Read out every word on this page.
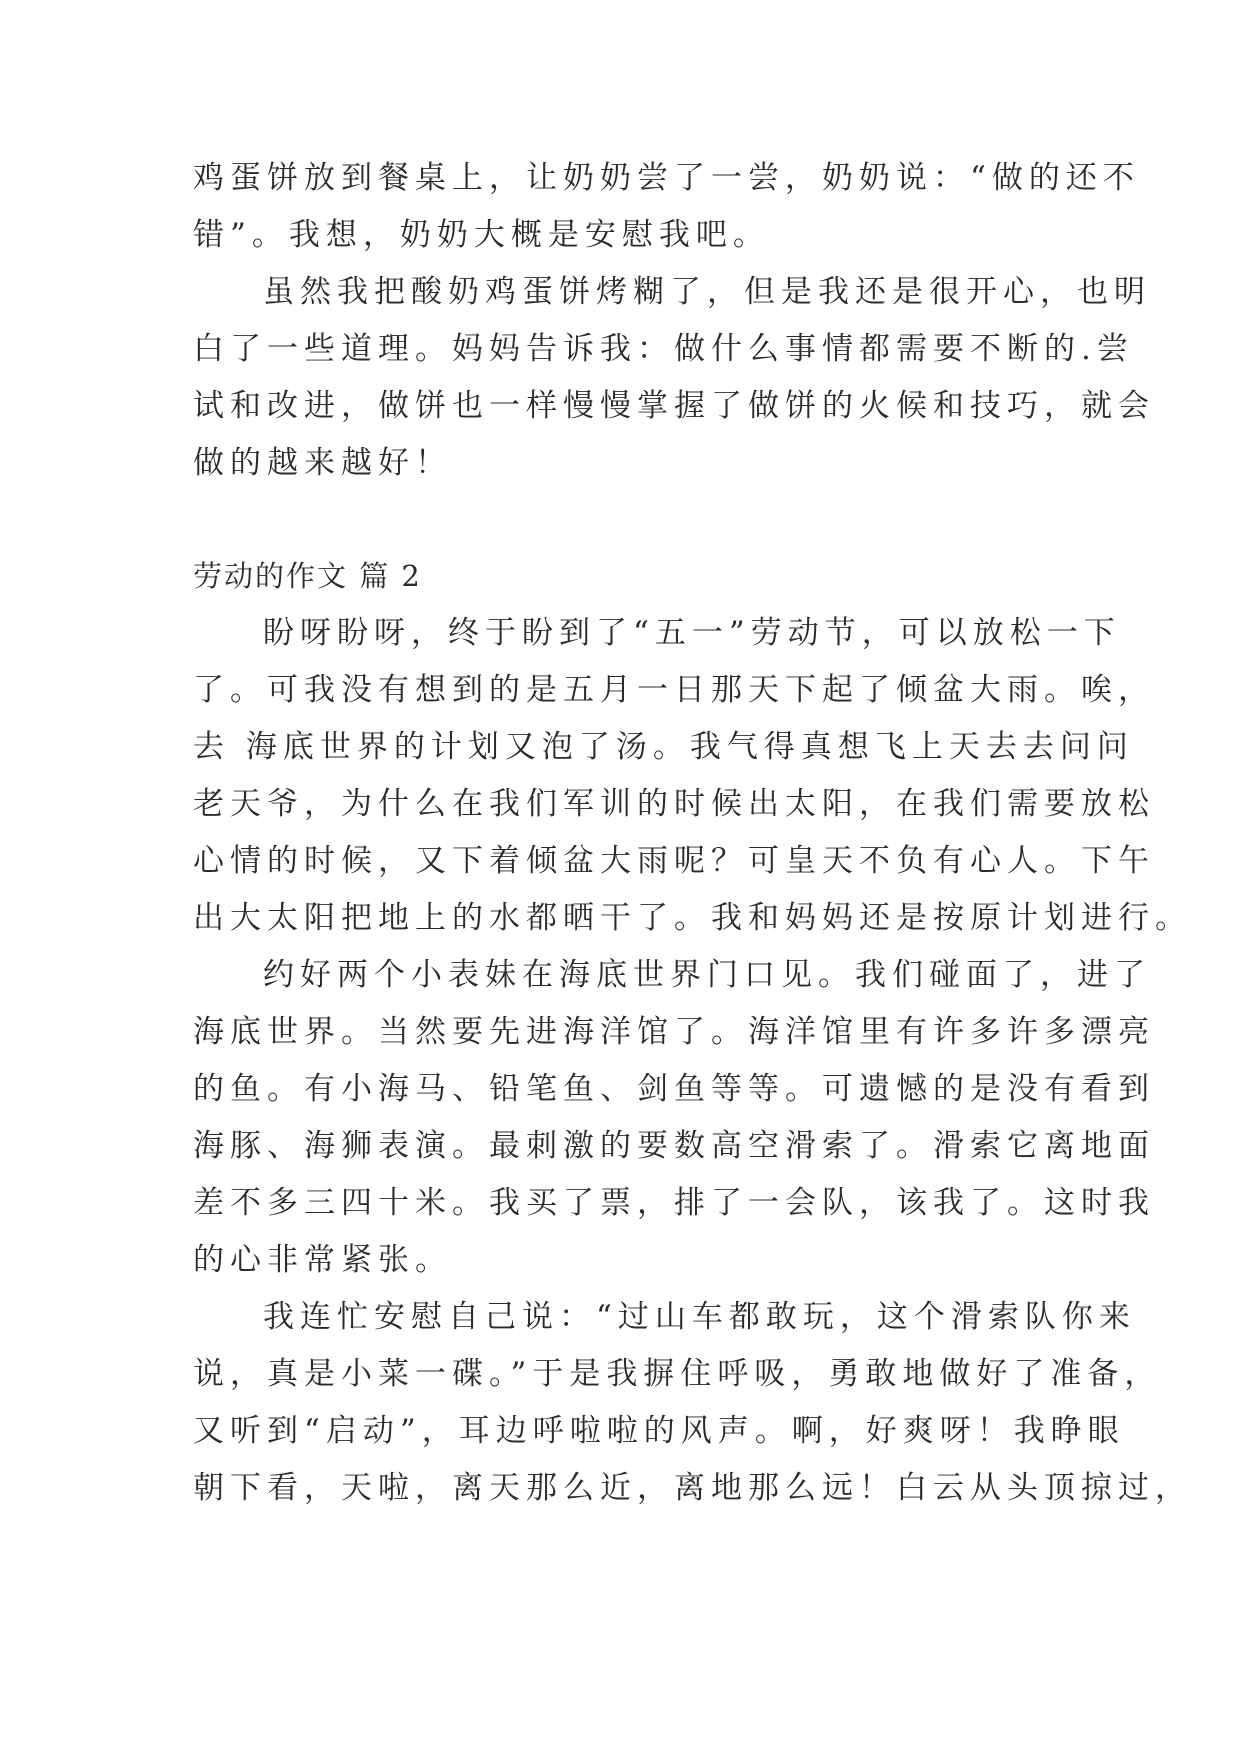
鸡蛋饼放到餐桌上，让奶奶尝了一尝，奶奶说：“做的还不

错”。我想，奶奶大概是安慰我吧。

虽然我把酸奶鸡蛋饼烤糊了，但是我还是很开心，也明

白了一些道理。妈妈告诉我：做什么事情都需要不断的.尝

试和改进，做饼也一样慢慢掌握了做饼的火候和技巧，就会

做的越来越好！

劳动的作文 篇 2

盼呀盼呀，终于盼到了“五一”劳动节，可以放松一下

了。可我没有想到的是五月一日那天下起了倾盆大雨。唉，

去 海底世界的计划又泡了汤。我气得真想飞上天去去问问

老天爷，为什么在我们军训的时候出太阳，在我们需要放松

心情的时候，又下着倾盆大雨呢？可皇天不负有心人。下午

出大太阳把地上的水都晒干了。我和妈妈还是按原计划进行。

约好两个小表妹在海底世界门口见。我们碰面了，进了

海底世界。当然要先进海洋馆了。海洋馆里有许多许多漂亮

的鱼。有小海马、铅笔鱼、剑鱼等等。可遗憾的是没有看到

海豚、海狮表演。最刺激的要数高空滑索了。滑索它离地面

差不多三四十米。我买了票，排了一会队，该我了。这时我

的心非常紧张。

我连忙安慰自己说：“过山车都敢玩，这个滑索队你来

说，真是小菜一碟。”于是我摒住呼吸，勇敢地做好了准备，

又听到“启动”，耳边呼啦啦的风声。啊，好爽呀！我睁眼

朝下看，天啦，离天那么近，离地那么远！白云从头顶掠过，
